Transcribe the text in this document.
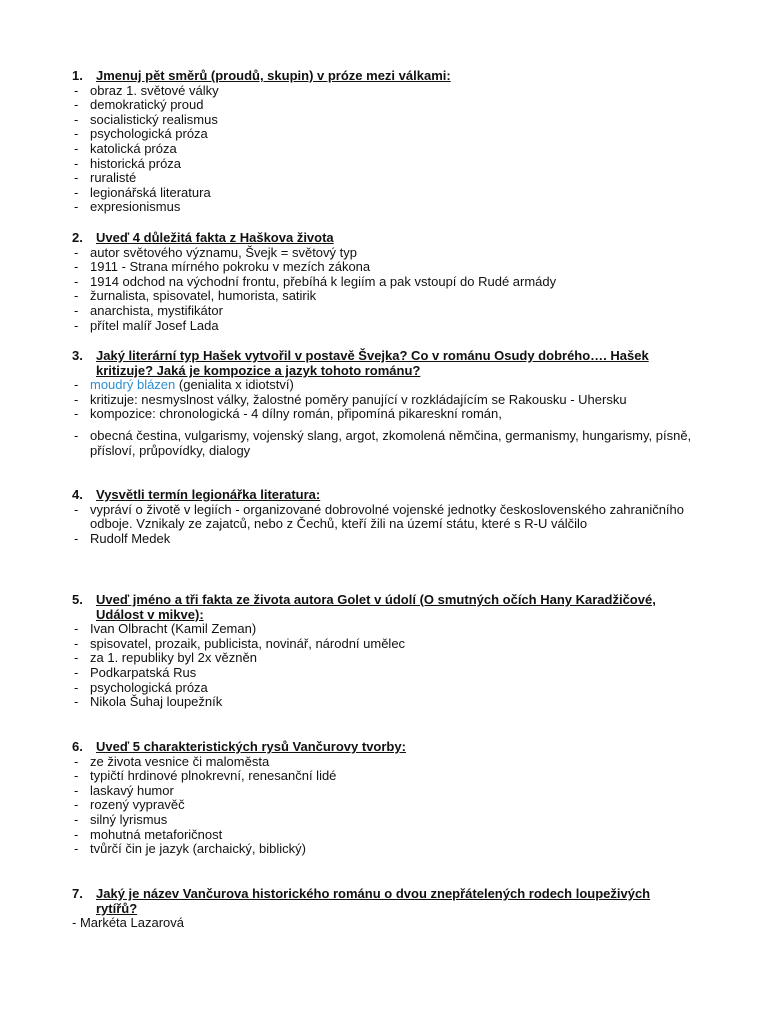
1. Jmenuj pět směrů (proudů, skupin) v próze mezi válkami:
- obraz 1. světové války
- demokratický proud
- socialistický realismus
- psychologická próza
- katolická próza
- historická próza
- ruralisté
- legionářská literatura
- expresionismus
2. Uveď 4 důležitá fakta z Haškova života
- autor světového významu, Švejk = světový typ
- 1911 - Strana mírného pokroku v mezích zákona
- 1914 odchod na východní frontu, přebíhá k legiím a pak vstoupí do Rudé armády
- žurnalista, spisovatel, humorista, satirik
- anarchista, mystifikátor
- přítel malíř Josef Lada
3. Jaký literární typ Hašek vytvořil v postavě Švejka? Co v románu Osudy dobrého…. Hašek kritizuje? Jaká je kompozice a jazyk tohoto románu?
- moudrý blázen (genialita x idiotství)
- kritizuje: nesmyslnost války, žalostné poměry panující v rozkládajícím se Rakousku - Uhersku
- kompozice: chronologická - 4 dílny román, připomíná pikareskní román,
- obecná čestina, vulgarismy, vojenský slang, argot, zkomolená němčina, germanismy, hungarismy, písně, přísloví, průpovídky, dialogy
4. Vysvětli termín legionářka literatura:
- vypráví o životě v legiích - organizované dobrovolné vojenské jednotky československého zahraničního odboje. Vznikaly ze zajatců, nebo z Čechů, kteří žili na území státu, které s R-U válčilo
- Rudolf Medek
5. Uveď jméno a tři fakta ze života autora Golet v údolí (O smutných očích Hany Karadžičové, Událost v mikve):
- Ivan Olbracht (Kamil Zeman)
- spisovatel, prozaik, publicista, novinář, národní umělec
- za 1. republiky byl 2x vězněn
- Podkarpatská Rus
- psychologická próza
- Nikola Šuhaj loupežník
6. Uveď 5 charakteristických rysů Vančurovy tvorby:
- ze života vesnice či maloměsta
- typičtí hrdinové plnokrevní, renesanční lidé
- laskavý humor
- rozený vypravěč
- silný lyrismus
- mohutná metaforičnost
- tvůrčí čin je jazyk (archaický, biblický)
7. Jaký je název Vančurova historického románu o dvou znepřátelených rodech loupeživých rytířů?
- Markéta Lazarová
